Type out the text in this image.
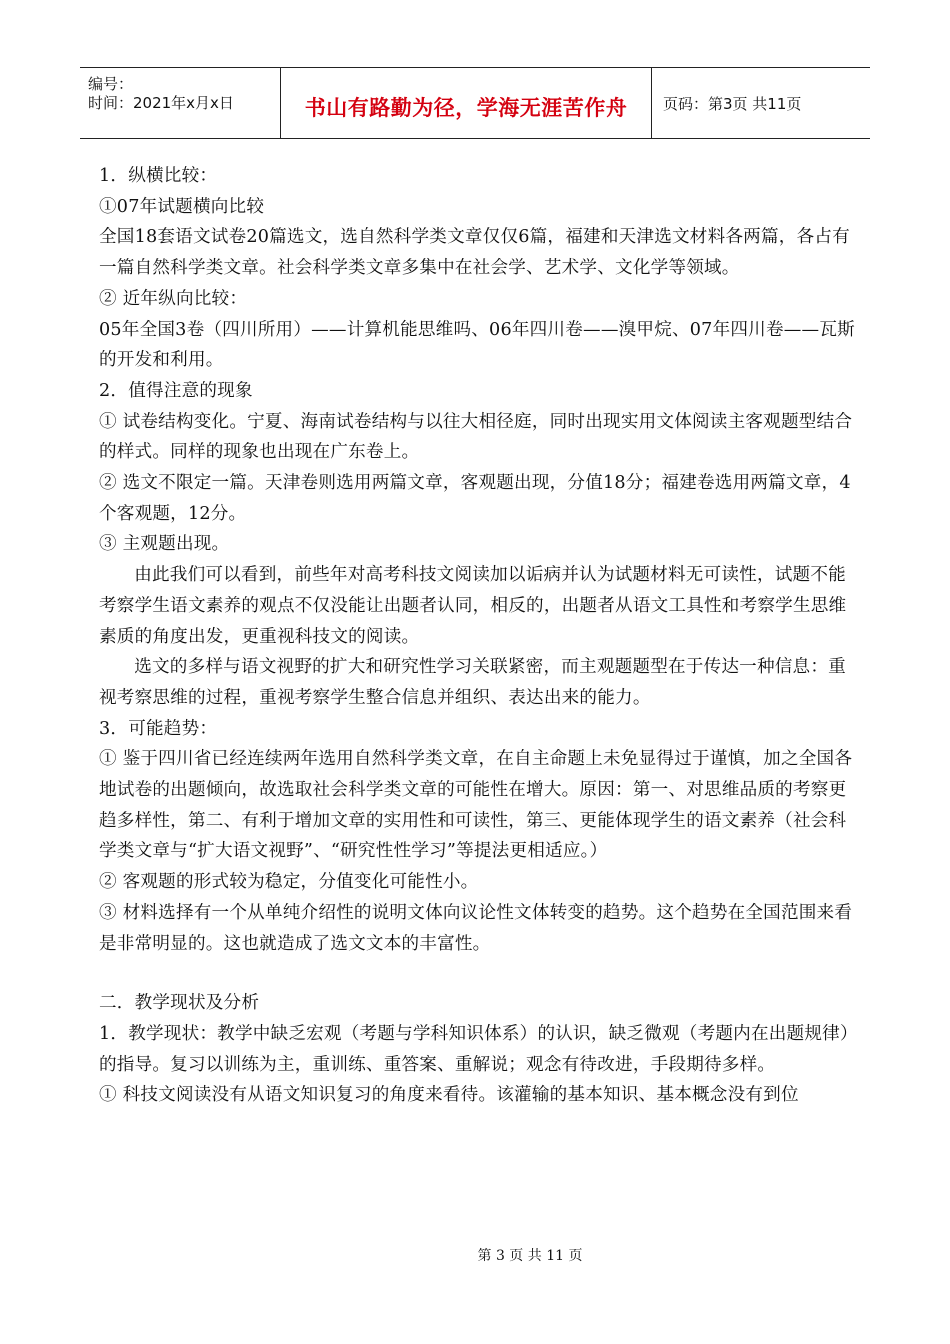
编号：
时间：2021年x月x日	书山有路勤为径，学海无涯苦作舟	页码：第3页 共11页

1．纵横比较：

①07年试题横向比较

全国18套语文试卷20篇选文，选自然科学类文章仅仅6篇，福建和天津选文材料各两篇，各占有一篇自然科学类文章。社会科学类文章多集中在社会学、艺术学、文化学等领域。

② 近年纵向比较：

05年全国3卷（四川所用）——计算机能思维吗、06年四川卷——溴甲烷、07年四川卷——瓦斯的开发和利用。

2．值得注意的现象

① 试卷结构变化。宁夏、海南试卷结构与以往大相径庭，同时出现实用文体阅读主客观题型结合的样式。同样的现象也出现在广东卷上。

② 选文不限定一篇。天津卷则选用两篇文章，客观题出现，分值18分；福建卷选用两篇文章，4个客观题，12分。

③ 主观题出现。

由此我们可以看到，前些年对高考科技文阅读加以诟病并认为试题材料无可读性，试题不能考察学生语文素养的观点不仅没能让出题者认同，相反的，出题者从语文工具性和考察学生思维素质的角度出发，更重视科技文的阅读。

选文的多样与语文视野的扩大和研究性学习关联紧密，而主观题题型在于传达一种信息：重视考察思维的过程，重视考察学生整合信息并组织、表达出来的能力。

3．可能趋势：

① 鉴于四川省已经连续两年选用自然科学类文章，在自主命题上未免显得过于谨慎，加之全国各地试卷的出题倾向，故选取社会科学类文章的可能性在增大。原因：第一、对思维品质的考察更趋多样性，第二、有利于增加文章的实用性和可读性，第三、更能体现学生的语文素养（社会科学类文章与“扩大语文视野”、“研究性性学习”等提法更相适应。）

② 客观题的形式较为稳定，分值变化可能性小。

③ 材料选择有一个从单纯介绍性的说明文体向议论性文体转变的趋势。这个趋势在全国范围来看是非常明显的。这也就造成了选文文本的丰富性。

二．教学现状及分析

1．教学现状：教学中缺乏宏观（考题与学科知识体系）的认识，缺乏微观（考题内在出题规律）的指导。复习以训练为主，重训练、重答案、重解说；观念有待改进，手段期待多样。

① 科技文阅读没有从语文知识复习的角度来看待。该灌输的基本知识、基本概念没有到位

第 3 页 共 11 页
